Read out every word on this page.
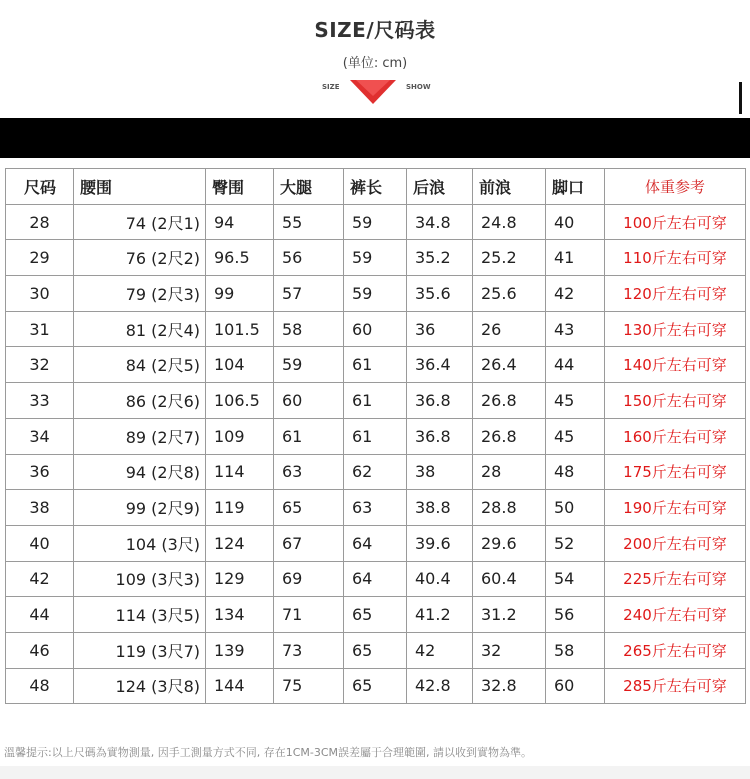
SIZE/尺码表
(单位: cm)
SIZE	SHOW
尺码	腰围	臀围	大腿	裤长	后浪	前浪	脚口	体重参考
28	74 (2尺1)	94	55	59	34.8	24.8	40	100斤左右可穿
29	76 (2尺2)	96.5	56	59	35.2	25.2	41	110斤左右可穿
30	79 (2尺3)	99	57	59	35.6	25.6	42	120斤左右可穿
31	81 (2尺4)	101.5	58	60	36	26	43	130斤左右可穿
32	84 (2尺5)	104	59	61	36.4	26.4	44	140斤左右可穿
33	86 (2尺6)	106.5	60	61	36.8	26.8	45	150斤左右可穿
34	89 (2尺7)	109	61	61	36.8	26.8	45	160斤左右可穿
36	94 (2尺8)	114	63	62	38	28	48	175斤左右可穿
38	99 (2尺9)	119	65	63	38.8	28.8	50	190斤左右可穿
40	104 (3尺)	124	67	64	39.6	29.6	52	200斤左右可穿
42	109 (3尺3)	129	69	64	40.4	60.4	54	225斤左右可穿
44	114 (3尺5)	134	71	65	41.2	31.2	56	240斤左右可穿
46	119 (3尺7)	139	73	65	42	32	58	265斤左右可穿
48	124 (3尺8)	144	75	65	42.8	32.8	60	285斤左右可穿
溫馨提示:以上尺碼為實物測量, 因手工測量方式不同, 存在1CM-3CM誤差屬于合理範圍, 請以收到實物為準。
